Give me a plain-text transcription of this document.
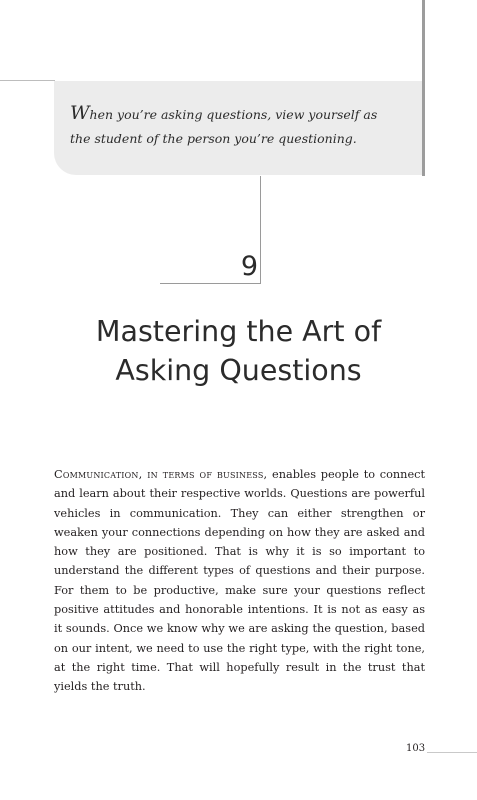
When you’re asking questions, view yourself as the student of the person you’re questioning.

9
Mastering the Art of
Asking Questions

Communication, in terms of business, enables people to connect and learn about their respective worlds. Questions are powerful vehicles in communication. They can either strengthen or weaken your connections depending on how they are asked and how they are positioned. That is why it is so important to understand the different types of questions and their purpose. For them to be productive, make sure your questions reflect positive attitudes and honorable intentions. It is not as easy as it sounds. Once we know why we are asking the question, based on our intent, we need to use the right type, with the right tone, at the right time. That will hopefully result in the trust that yields the truth.

103
